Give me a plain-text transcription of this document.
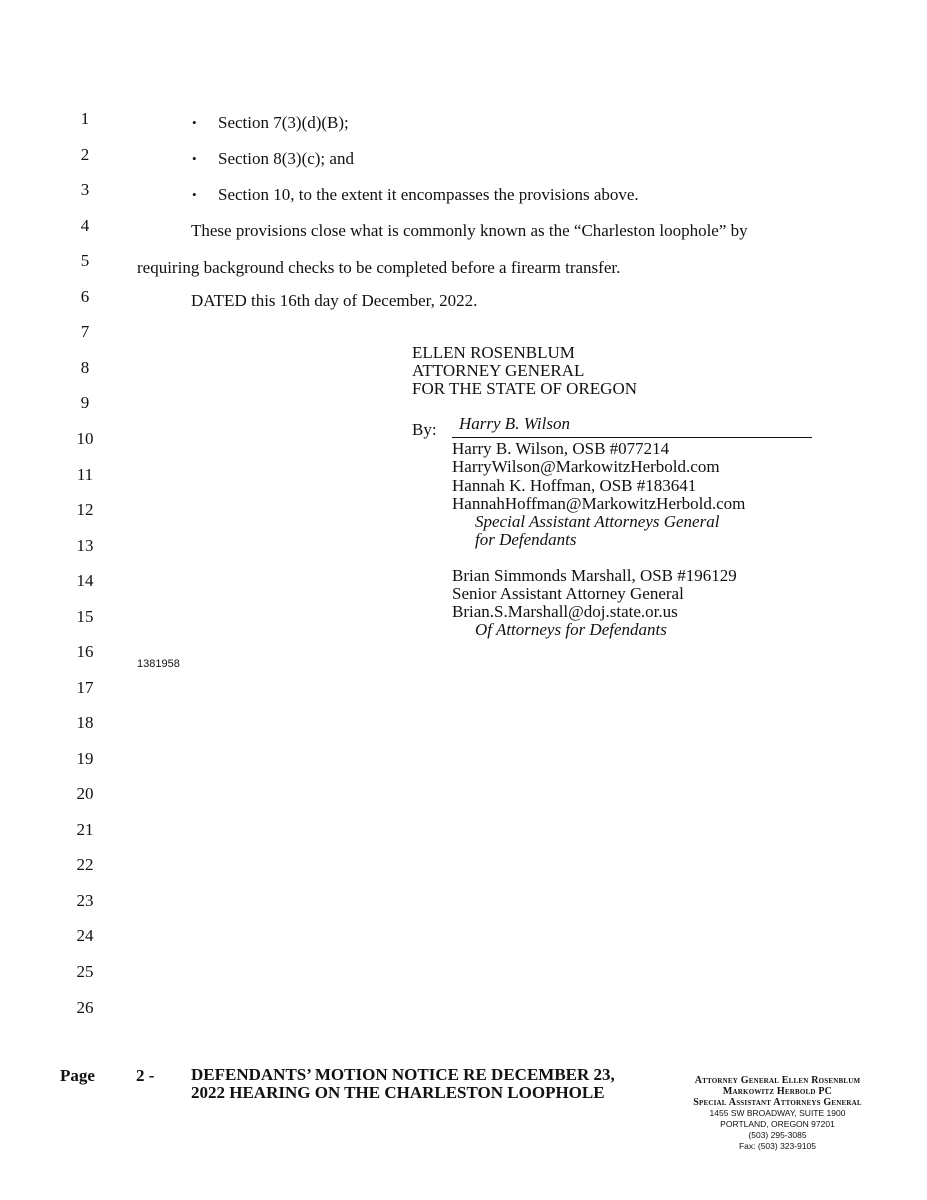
1
2
3
4
5
6
7
8
9
10
11
12
13
14
15
16
17
18
19
20
21
22
23
24
25
26
• Section 7(3)(d)(B);
• Section 8(3)(c); and
• Section 10, to the extent it encompasses the provisions above.
These provisions close what is commonly known as the “Charleston loophole” by
requiring background checks to be completed before a firearm transfer.
DATED this 16th day of December, 2022.
ELLEN ROSENBLUM
ATTORNEY GENERAL
FOR THE STATE OF OREGON
By: Harry B. Wilson
Harry B. Wilson, OSB #077214
HarryWilson@MarkowitzHerbold.com
Hannah K. Hoffman, OSB #183641
HannahHoffman@MarkowitzHerbold.com
Special Assistant Attorneys General
for Defendants
Brian Simmonds Marshall, OSB #196129
Senior Assistant Attorney General
Brian.S.Marshall@doj.state.or.us
Of Attorneys for Defendants
1381958
Page 2 - DEFENDANTS’ MOTION NOTICE RE DECEMBER 23,
2022 HEARING ON THE CHARLESTON LOOPHOLE
Attorney General Ellen Rosenblum
Markowitz Herbold PC
Special Assistant Attorneys General
1455 SW BROADWAY, SUITE 1900
PORTLAND, OREGON 97201
(503) 295-3085
Fax: (503) 323-9105
